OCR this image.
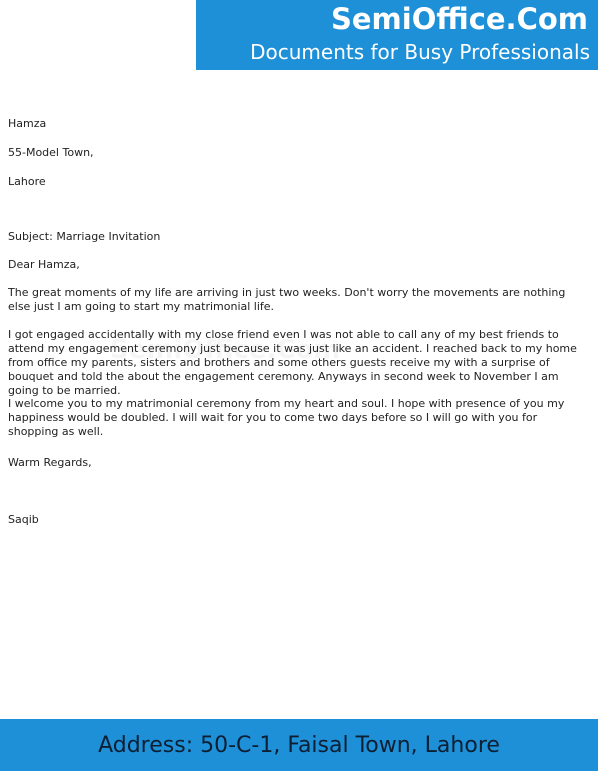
SemiOffice.Com
Documents for Busy Professionals
Hamza
55-Model Town,
Lahore
Subject: Marriage Invitation
Dear Hamza,
The great moments of my life are arriving in just two weeks. Don't worry the movements are nothing else just I am going to start my matrimonial life.
I got engaged accidentally with my close friend even I was not able to call any of my best friends to attend my engagement ceremony just because it was just like an accident. I reached back to my home from office my parents, sisters and brothers and some others guests receive my with a surprise of bouquet and told the about the engagement ceremony. Anyways in second week to November I am going to be married.
I welcome you to my matrimonial ceremony from my heart and soul. I hope with presence of you my happiness would be doubled. I will wait for you to come two days before so I will go with you for shopping as well.
Warm Regards,
Saqib
Address: 50-C-1, Faisal Town, Lahore
